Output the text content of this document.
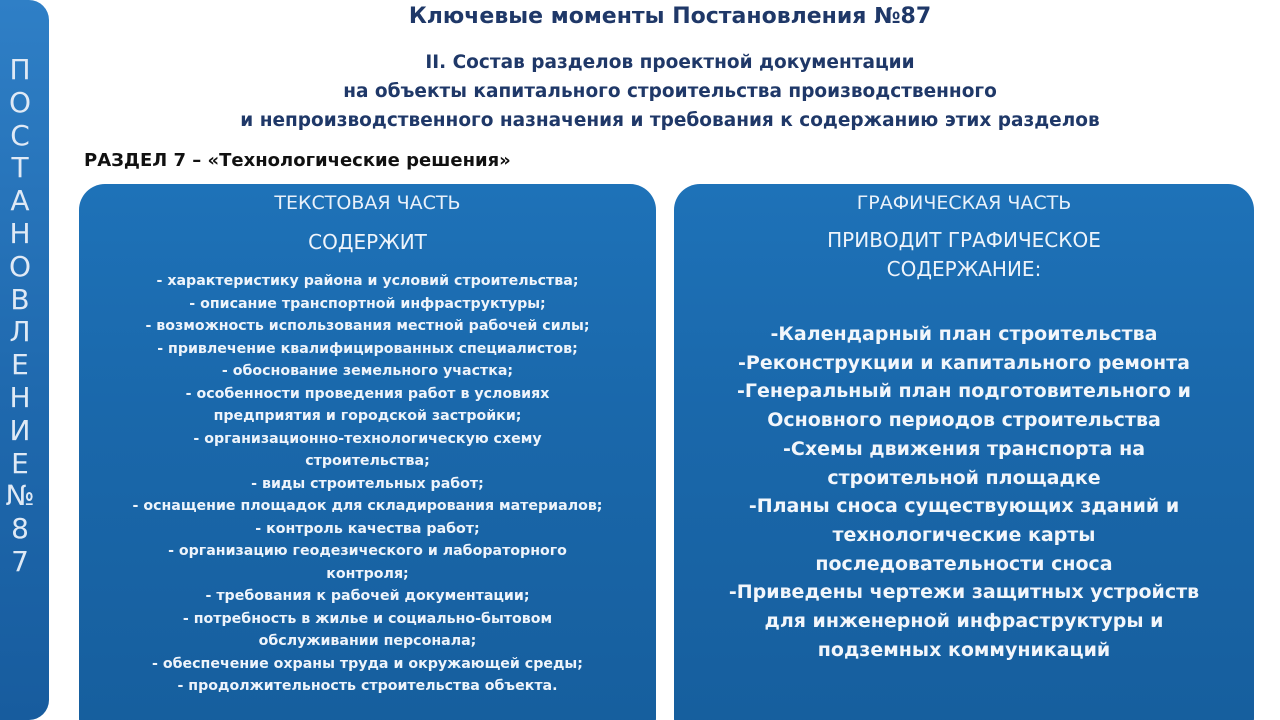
П
О
С
Т
А
Н
О
В
Л
Е
Н
И
Е
№
8
7
Ключевые моменты Постановления №87
II. Состав разделов проектной документации
на объекты капитального строительства производственного
и непроизводственного назначения и требования к содержанию этих разделов
РАЗДЕЛ 7 – «Технологические решения»
ТЕКСТОВАЯ ЧАСТЬ
СОДЕРЖИТ
- характеристику района и условий строительства;
- описание транспортной инфраструктуры;
- возможность использования местной рабочей силы;
- привлечение квалифицированных специалистов;
- обоснование земельного участка;
- особенности проведения работ в условиях
предприятия и городской застройки;
- организационно-технологическую схему
строительства;
- виды строительных работ;
- оснащение площадок для складирования материалов;
- контроль качества работ;
- организацию геодезического и лабораторного
контроля;
- требования к рабочей документации;
- потребность в жилье и социально-бытовом
обслуживании персонала;
- обеспечение охраны труда и окружающей среды;
- продолжительность строительства объекта.
ГРАФИЧЕСКАЯ ЧАСТЬ
ПРИВОДИТ ГРАФИЧЕСКОЕ
СОДЕРЖАНИЕ:
-Календарный план строительства
-Реконструкции и капитального ремонта
-Генеральный план подготовительного и
Основного периодов строительства
-Схемы движения транспорта на
строительной площадке
-Планы сноса существующих зданий и
технологические карты
последовательности сноса
-Приведены чертежи защитных устройств
для инженерной инфраструктуры и
подземных коммуникаций
